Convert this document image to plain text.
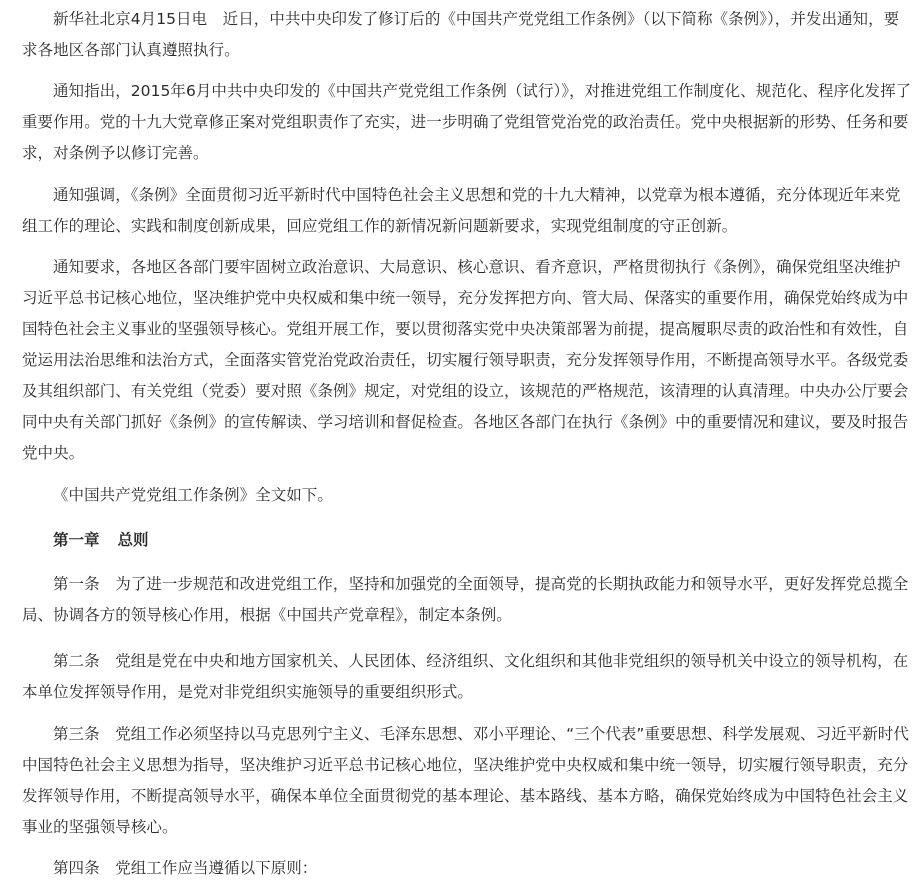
新华社北京4月15日电　近日，中共中央印发了修订后的《中国共产党党组工作条例》（以下简称《条例》），并发出通知，要求各地区各部门认真遵照执行。

通知指出，2015年6月中共中央印发的《中国共产党党组工作条例（试行）》，对推进党组工作制度化、规范化、程序化发挥了重要作用。党的十九大党章修正案对党组职责作了充实，进一步明确了党组管党治党的政治责任。党中央根据新的形势、任务和要求，对条例予以修订完善。

通知强调，《条例》全面贯彻习近平新时代中国特色社会主义思想和党的十九大精神，以党章为根本遵循，充分体现近年来党组工作的理论、实践和制度创新成果，回应党组工作的新情况新问题新要求，实现党组制度的守正创新。

通知要求，各地区各部门要牢固树立政治意识、大局意识、核心意识、看齐意识，严格贯彻执行《条例》，确保党组坚决维护习近平总书记核心地位，坚决维护党中央权威和集中统一领导，充分发挥把方向、管大局、保落实的重要作用，确保党始终成为中国特色社会主义事业的坚强领导核心。党组开展工作，要以贯彻落实党中央决策部署为前提，提高履职尽责的政治性和有效性，自觉运用法治思维和法治方式，全面落实管党治党政治责任，切实履行领导职责，充分发挥领导作用，不断提高领导水平。各级党委及其组织部门、有关党组（党委）要对照《条例》规定，对党组的设立，该规范的严格规范，该清理的认真清理。中央办公厅要会同中央有关部门抓好《条例》的宣传解读、学习培训和督促检查。各地区各部门在执行《条例》中的重要情况和建议，要及时报告党中央。

《中国共产党党组工作条例》全文如下。

第一章 总则

第一条　为了进一步规范和改进党组工作，坚持和加强党的全面领导，提高党的长期执政能力和领导水平，更好发挥党总揽全局、协调各方的领导核心作用，根据《中国共产党章程》，制定本条例。

第二条　党组是党在中央和地方国家机关、人民团体、经济组织、文化组织和其他非党组织的领导机关中设立的领导机构，在本单位发挥领导作用，是党对非党组织实施领导的重要组织形式。

第三条　党组工作必须坚持以马克思列宁主义、毛泽东思想、邓小平理论、“三个代表”重要思想、科学发展观、习近平新时代中国特色社会主义思想为指导，坚决维护习近平总书记核心地位，坚决维护党中央权威和集中统一领导，切实履行领导职责，充分发挥领导作用，不断提高领导水平，确保本单位全面贯彻党的基本理论、基本路线、基本方略，确保党始终成为中国特色社会主义事业的坚强领导核心。

第四条　党组工作应当遵循以下原则：
